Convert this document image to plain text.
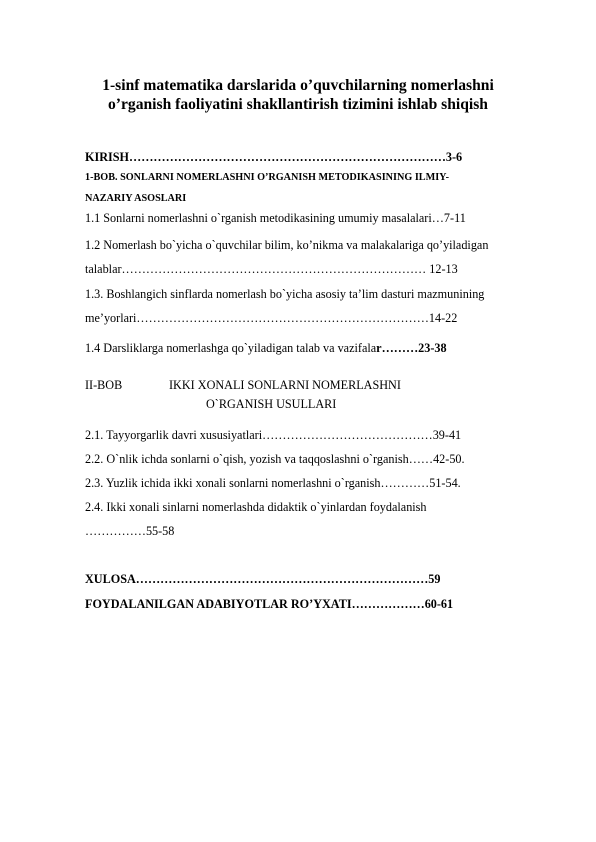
1-sinf matematika darslarida o’quvchilarning nomerlashni
o’rganish faoliyatini shakllantirish tizimini ishlab shiqish
KIRISH……………………………………………………………………3-6
1-BOB. SONLARNI NOMERLASHNI O’RGANISH METODIKASINING ILMIY-
NAZARIY ASOSLARI
1.1 Sonlarni nomerlashni o`rganish metodikasining umumiy masalalari…7-11
1.2 Nomerlash bo`yicha o`quvchilar bilim, ko’nikma va malakalariga qo’yiladigan
talablar………………………………………………………………… 12-13
1.3. Boshlangich sinflarda nomerlash bo`yicha asosiy ta’lim dasturi mazmunining
me’yorlari………………………………………………………………14-22
1.4 Darsliklarga nomerlashga qo`yiladigan talab va vazifalar………23-38
II-BOB	IKKI XONALI SONLARNI NOMERLASHNI
O`RGANISH USULLARI
2.1. Tayyorgarlik davri xususiyatlari……………………………………39-41
2.2. O`nlik ichda sonlarni o`qish, yozish va taqqoslashni o`rganish……42-50.
2.3. Yuzlik ichida ikki xonali sonlarni nomerlashni o`rganish…………51-54.
2.4. Ikki xonali sinlarni nomerlashda didaktik o`yinlardan foydalanish
……………55-58
XULOSA………………………………………………………………59
FOYDALANILGAN ADABIYOTLAR RO’YXATI………………60-61
